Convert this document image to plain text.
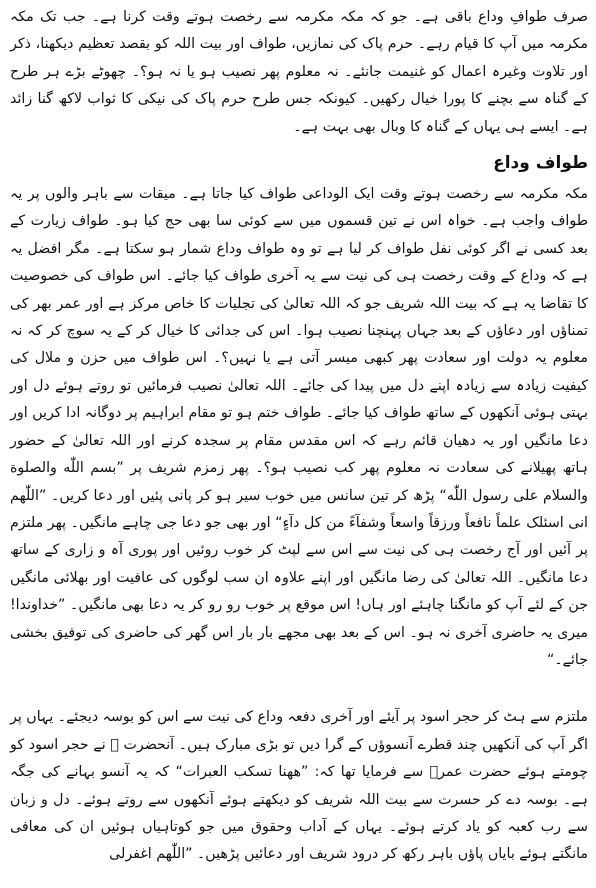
صرف طوافِ وداع باقی ہے۔ جو کہ مکہ مکرمہ سے رخصت ہوتے وقت کرنا ہے۔ جب تک مکہ مکرمہ میں آپ کا قیام رہے۔ حرم پاک کی نمازیں، طواف اور بیت اللہ کو بقصد تعظیم دیکھنا، ذکر اور تلاوت وغیرہ اعمال کو غنیمت جانئے۔ نہ معلوم پھر نصیب ہو یا نہ ہو؟۔ چھوٹے بڑے ہر طرح کے گناہ سے بچنے کا پورا خیال رکھیں۔ کیونکہ جس طرح حرم پاک کی نیکی کا ثواب لاکھ گنا زائد ہے۔ ایسے ہی یہاں کے گناہ کا وبال بھی بہت ہے۔

طواف وداع

مکہ مکرمہ سے رخصت ہوتے وقت ایک الوداعی طواف کیا جاتا ہے۔ میقات سے باہر والوں پر یہ طواف واجب ہے۔ خواہ اس نے تین قسموں میں سے کوئی سا بھی حج کیا ہو۔ طواف زیارت کے بعد کسی نے اگر کوئی نفل طواف کر لیا ہے تو وہ طواف وداع شمار ہو سکتا ہے۔ مگر افضل یہ ہے کہ وداع کے وقت رخصت ہی کی نیت سے یہ آخری طواف کیا جائے۔ اس طواف کی خصوصیت کا تقاضا یہ ہے کہ بیت اللہ شریف جو کہ اللہ تعالیٰ کی تجلیات کا خاص مرکز ہے اور عمر بھر کی تمناؤں اور دعاؤں کے بعد جہاں پہنچنا نصیب ہوا۔ اس کی جدائی کا خیال کر کے یہ سوچ کر کہ نہ معلوم یہ دولت اور سعادت پھر کبھی میسر آتی ہے یا نہیں؟۔ اس طواف میں حزن و ملال کی کیفیت زیادہ سے زیادہ اپنے دل میں پیدا کی جائے۔ اللہ تعالیٰ نصیب فرمائیں تو روتے ہوئے دل اور بہتی ہوئی آنکھوں کے ساتھ طواف کیا جائے۔ طواف ختم ہو تو مقام ابراہیم پر دوگانہ ادا کریں اور دعا مانگیں اور یہ دھیان قائم رہے کہ اس مقدس مقام پر سجدہ کرنے اور اللہ تعالیٰ کے حضور ہاتھ پھیلانے کی سعادت نہ معلوم پھر کب نصیب ہو؟۔ پھر زمزم شریف پر ”بسم اللّٰه والصلوة والسلام علی رسول اللّٰه“ پڑھ کر تین سانس میں خوب سیر ہو کر پانی پئیں اور دعا کریں۔ ”اللّٰھم انی اسئلک علماً نافعاً ورزقاً واسعاً وشفآءً من کل دآءٍ“ اور بھی جو دعا جی چاہے مانگیں۔ پھر ملتزم پر آئیں اور آج رخصت ہی کی نیت سے اس سے لپٹ کر خوب روئیں اور پوری آہ و زاری کے ساتھ دعا مانگیں۔ اللہ تعالیٰ کی رضا مانگیں اور اپنے علاوہ ان سب لوگوں کی عافیت اور بھلائی مانگیں جن کے لئے آپ کو مانگنا چاہئے اور ہاں! اس موقع پر خوب رو رو کر یہ دعا بھی مانگیں۔ ”خداوندا! میری یہ حاضری آخری نہ ہو۔ اس کے بعد بھی مجھے بار بار اس گھر کی حاضری کی توفیق بخشی جائے۔“

ملتزم سے ہٹ کر حجر اسود پر آیئے اور آخری دفعہ وداع کی نیت سے اس کو بوسہ دیجئے۔ یہاں پر اگر آپ کی آنکھیں چند قطرے آنسوؤں کے گرا دیں تو بڑی مبارک ہیں۔ آنحضرت ﷺ نے حجر اسود کو چومتے ہوئے حضرت عمرؓ سے فرمایا تھا کہ: ”ھھنا تسکب العبرات“ کہ یہ آنسو بہانے کی جگہ ہے۔ بوسہ دے کر حسرت سے بیت اللہ شریف کو دیکھتے ہوئے آنکھوں سے روتے ہوئے۔ دل و زبان سے رب کعبہ کو یاد کرتے ہوئے۔ یہاں کے آداب وحقوق میں جو کوتاہیاں ہوئیں ان کی معافی مانگتے ہوئے بایاں پاؤں باہر رکھ کر درود شریف اور دعائیں پڑھیں۔ ”اللّٰھم اغفرلی
